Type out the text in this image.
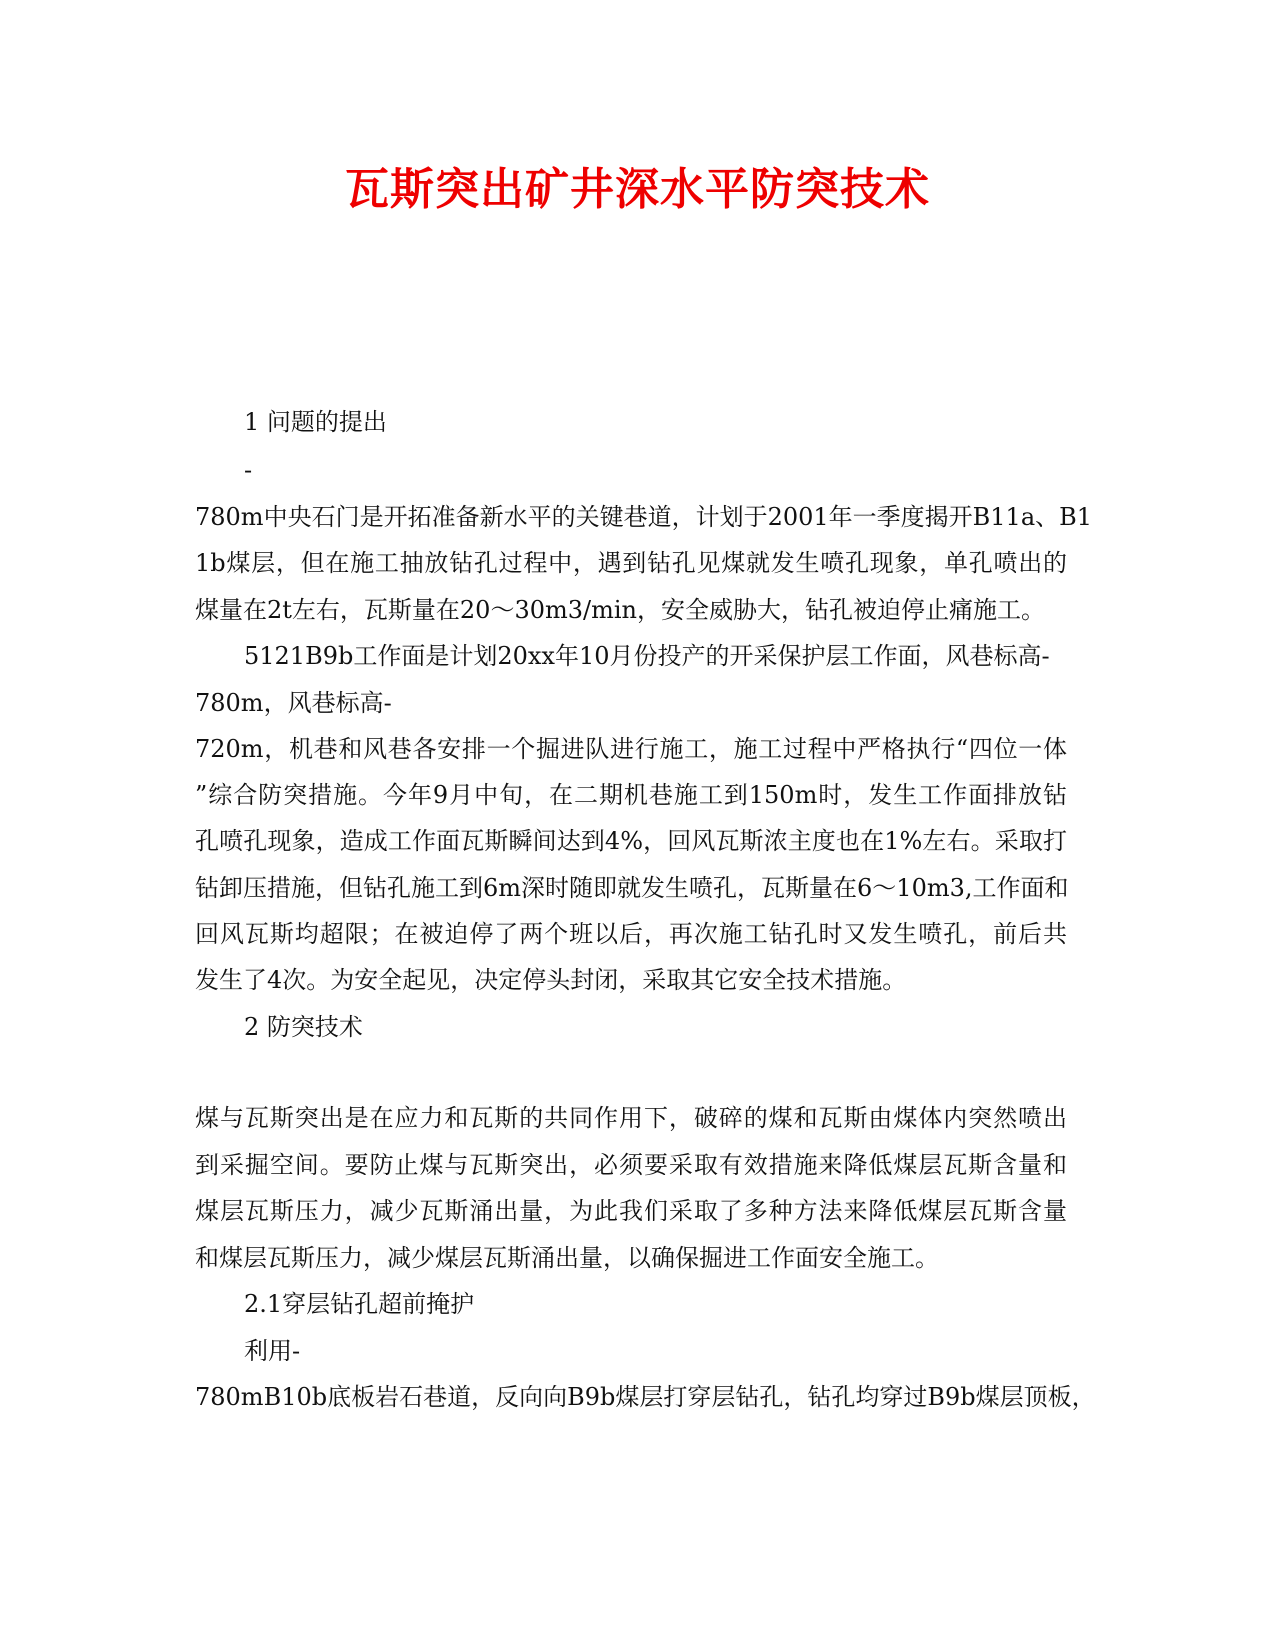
瓦斯突出矿井深水平防突技术
1 问题的提出
-
780m中央石门是开拓准备新水平的关键巷道，计划于2001年一季度揭开B11a、B1
1b煤层，但在施工抽放钻孔过程中，遇到钻孔见煤就发生喷孔现象，单孔喷出的
煤量在2t左右，瓦斯量在20～30m3/min，安全威胁大，钻孔被迫停止痛施工。
5121B9b工作面是计划20xx年10月份投产的开采保护层工作面，风巷标高-
780m，风巷标高-
720m，机巷和风巷各安排一个掘进队进行施工，施工过程中严格执行“四位一体
”综合防突措施。今年9月中旬，在二期机巷施工到150m时，发生工作面排放钻
孔喷孔现象，造成工作面瓦斯瞬间达到4%，回风瓦斯浓主度也在1%左右。采取打
钻卸压措施，但钻孔施工到6m深时随即就发生喷孔，瓦斯量在6～10m3,工作面和
回风瓦斯均超限；在被迫停了两个班以后，再次施工钻孔时又发生喷孔，前后共
发生了4次。为安全起见，决定停头封闭，采取其它安全技术措施。
2 防突技术
煤与瓦斯突出是在应力和瓦斯的共同作用下，破碎的煤和瓦斯由煤体内突然喷出
到采掘空间。要防止煤与瓦斯突出，必须要采取有效措施来降低煤层瓦斯含量和
煤层瓦斯压力，减少瓦斯涌出量，为此我们采取了多种方法来降低煤层瓦斯含量
和煤层瓦斯压力，减少煤层瓦斯涌出量，以确保掘进工作面安全施工。
2.1穿层钻孔超前掩护
利用-
780mB10b底板岩石巷道，反向向B9b煤层打穿层钻孔，钻孔均穿过B9b煤层顶板，
